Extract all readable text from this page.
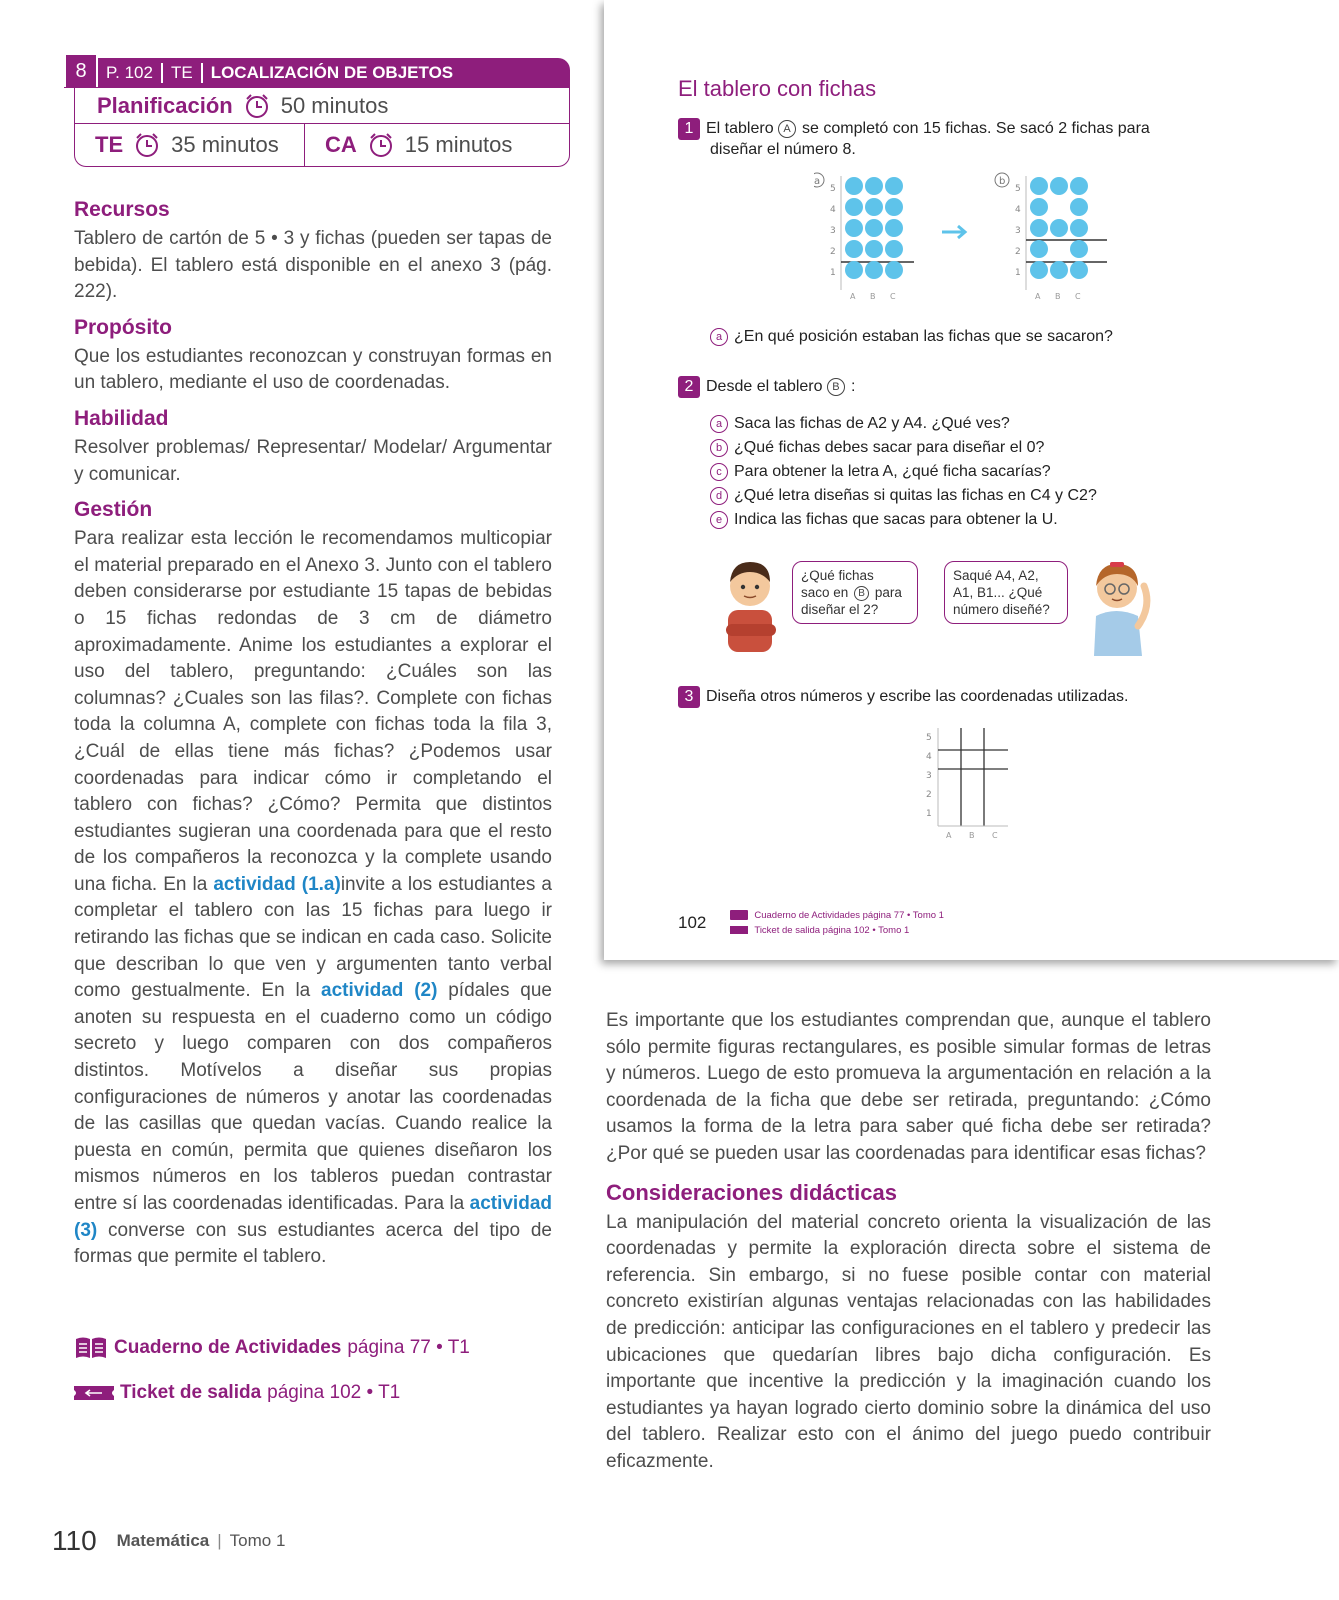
8	P. 102	TE	LOCALIZACIÓN DE OBJETOS
Planificación 50 minutos
TE 35 minutos CA 15 minutos
Recursos

Tablero de cartón de 5 • 3 y fichas (pueden ser tapas de bebida). El tablero está disponible en el anexo 3 (pág. 222).

Propósito

Que los estudiantes reconozcan y construyan formas en un tablero, mediante el uso de coordenadas.

Habilidad

Resolver problemas/ Representar/ Modelar/ Argumentar y comunicar.

Gestión

Para realizar esta lección le recomendamos multicopiar el material preparado en el Anexo 3. Junto con el tablero deben considerarse por estudiante 15 tapas de bebidas o 15 fichas redondas de 3 cm de diámetro aproximadamente. Anime los estudiantes a explorar el uso del tablero, preguntando: ¿Cuáles son las columnas? ¿Cuales son las filas?. Complete con fichas toda la columna A, complete con fichas toda la fila 3, ¿Cuál de ellas tiene más fichas? ¿Podemos usar coordenadas para indicar cómo ir completando el tablero con fichas? ¿Cómo? Permita que distintos estudiantes sugieran una coordenada para que el resto de los compañeros la reconozca y la complete usando una ficha. En la actividad (1.a)invite a los estudiantes a completar el tablero con las 15 fichas para luego ir retirando las fichas que se indican en cada caso. Solicite que describan lo que ven y argumenten tanto verbal como gestualmente. En la actividad (2) pídales que anoten su respuesta en el cuaderno como un código secreto y luego comparen con dos compañeros distintos. Motívelos a diseñar sus propias configuraciones de números y anotar las coordenadas de las casillas que quedan vacías. Cuando realice la puesta en común, permita que quienes diseñaron los mismos números en los tableros puedan contrastar entre sí las coordenadas identificadas. Para la actividad (3) converse con sus estudiantes acerca del tipo de formas que permite el tablero.

Cuaderno de Actividades página 77 • T1
Ticket de salida página 102 • T1
110 Matemática | Tomo 1
El tablero con fichas
1 El tablero A se completó con 15 fichas. Se sacó 2 fichas para
diseñar el número 8.
a
5
4
3
2
1
A B C
b
5
4
3
2
1
A B C
a ¿En qué posición estaban las fichas que se sacaron?
2 Desde el tablero B :
a Saca las fichas de A2 y A4. ¿Qué ves?
b ¿Qué fichas debes sacar para diseñar el 0?
c Para obtener la letra A, ¿qué ficha sacarías?
d ¿Qué letra diseñas si quitas las fichas en C4 y C2?
e Indica las fichas que sacas para obtener la U.
¿Qué fichas
saco en B para
diseñar el 2?
Saqué A4, A2,
A1, B1... ¿Qué
número diseñé?
3 Diseña otros números y escribe las coordenadas utilizadas.
5
4
3
2
1
A B C
102	Cuaderno de Actividades página 77 • Tomo 1
Ticket de salida página 102 • Tomo 1

Es importante que los estudiantes comprendan que, aunque el tablero sólo permite figuras rectangulares, es posible simular formas de letras y números. Luego de esto promueva la argumentación en relación a la coordenada de la ficha que debe ser retirada, preguntando: ¿Cómo usamos la forma de la letra para saber qué ficha debe ser retirada? ¿Por qué se pueden usar las coordenadas para identificar esas fichas?

Consideraciones didácticas

La manipulación del material concreto orienta la visualización de las coordenadas y permite la exploración directa sobre el sistema de referencia. Sin embargo, si no fuese posible contar con material concreto existirían algunas ventajas relacionadas con las habilidades de predicción: anticipar las configuraciones en el tablero y predecir las ubicaciones que quedarían libres bajo dicha configuración. Es importante que incentive la predicción y la imaginación cuando los estudiantes ya hayan logrado cierto dominio sobre la dinámica del uso del tablero. Realizar esto con el ánimo del juego puedo contribuir eficazmente.
